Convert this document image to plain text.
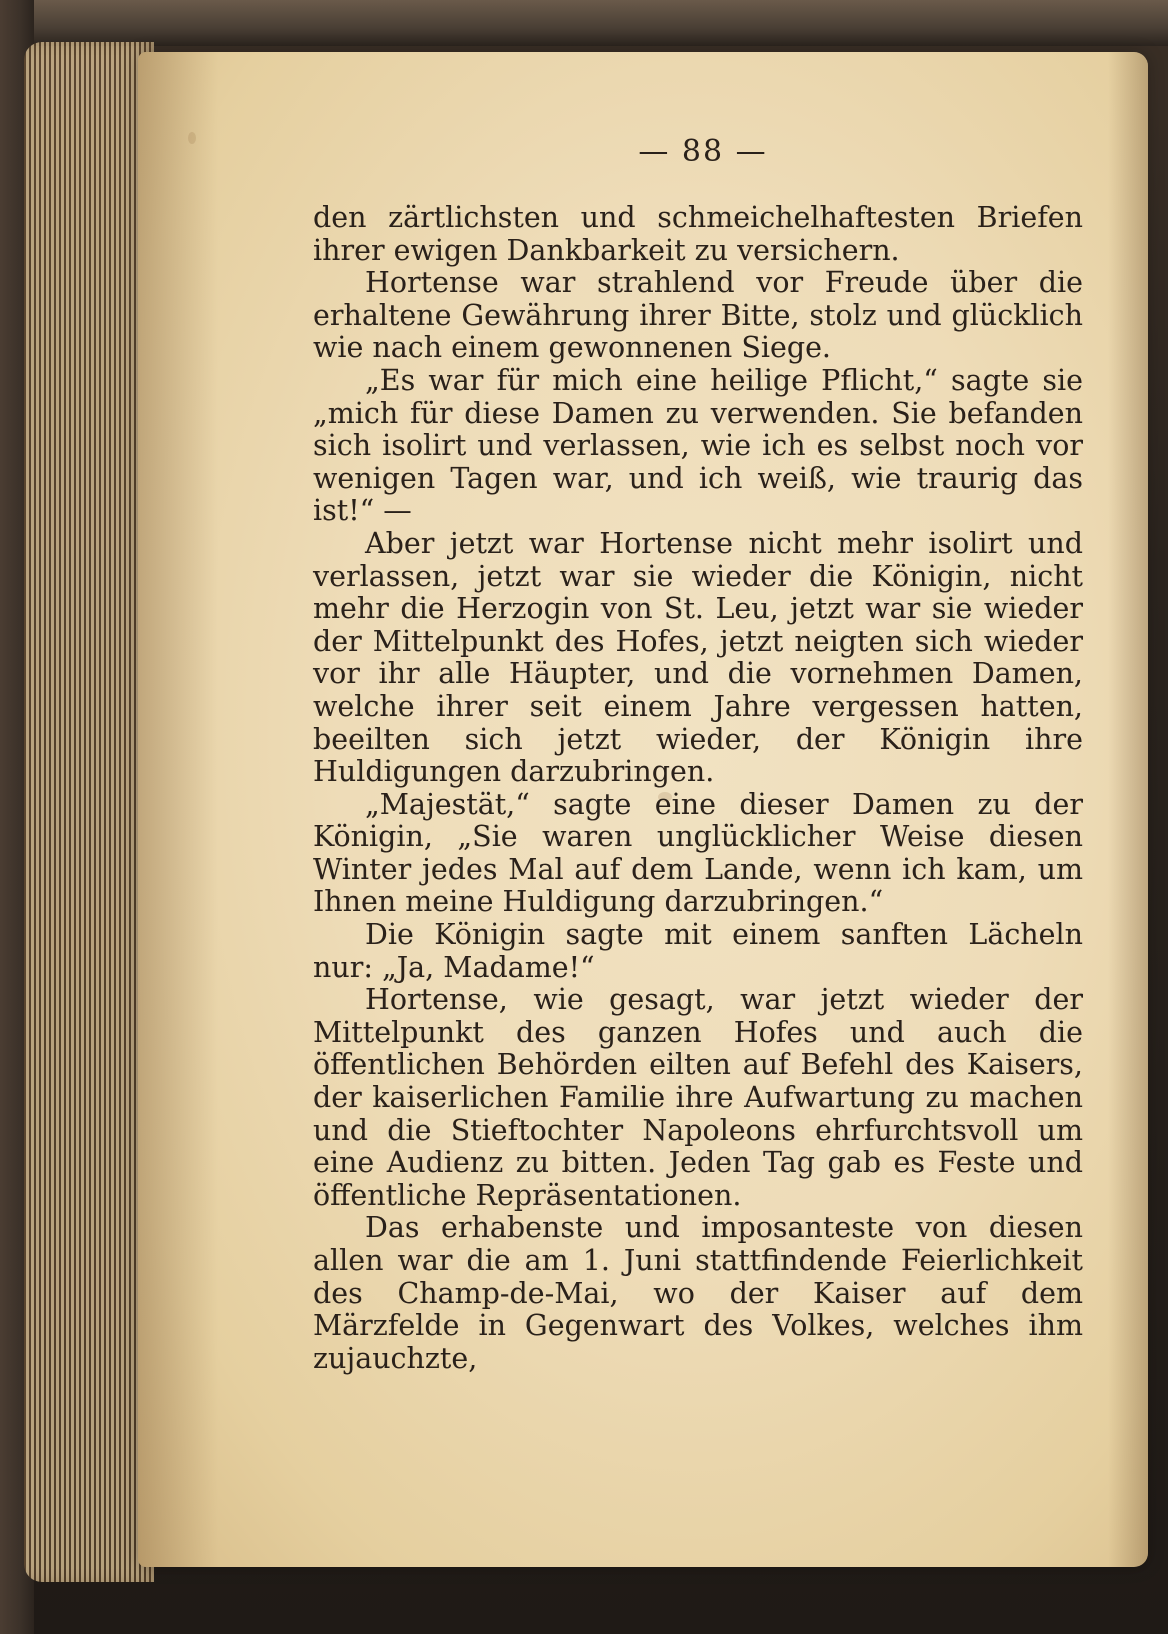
— 88 —

den zärtlichsten und schmeichelhaftesten Briefen ihrer ewigen Dankbarkeit zu versichern.

Hortense war strahlend vor Freude über die erhaltene Gewährung ihrer Bitte, stolz und glücklich wie nach einem gewonnenen Siege.

„Es war für mich eine heilige Pflicht,“ sagte sie „mich für diese Damen zu verwenden. Sie befanden sich isolirt und verlassen, wie ich es selbst noch vor wenigen Tagen war, und ich weiß, wie traurig das ist!“ —

Aber jetzt war Hortense nicht mehr isolirt und verlassen, jetzt war sie wieder die Königin, nicht mehr die Herzogin von St. Leu, jetzt war sie wieder der Mittelpunkt des Hofes, jetzt neigten sich wieder vor ihr alle Häupter, und die vornehmen Damen, welche ihrer seit einem Jahre vergessen hatten, beeilten sich jetzt wieder, der Königin ihre Huldigungen darzubringen.

„Majestät,“ sagte eine dieser Damen zu der Königin, „Sie waren unglücklicher Weise diesen Winter jedes Mal auf dem Lande, wenn ich kam, um Ihnen meine Huldigung darzubringen.“

Die Königin sagte mit einem sanften Lächeln nur: „Ja, Madame!“

Hortense, wie gesagt, war jetzt wieder der Mittelpunkt des ganzen Hofes und auch die öffentlichen Behörden eilten auf Befehl des Kaisers, der kaiserlichen Familie ihre Aufwartung zu machen und die Stieftochter Napoleons ehrfurchtsvoll um eine Audienz zu bitten. Jeden Tag gab es Feste und öffentliche Repräsentationen.

Das erhabenste und imposanteste von diesen allen war die am 1. Juni stattfindende Feierlichkeit des Champ-de-Mai, wo der Kaiser auf dem Märzfelde in Gegenwart des Volkes, welches ihm zujauchzte,
